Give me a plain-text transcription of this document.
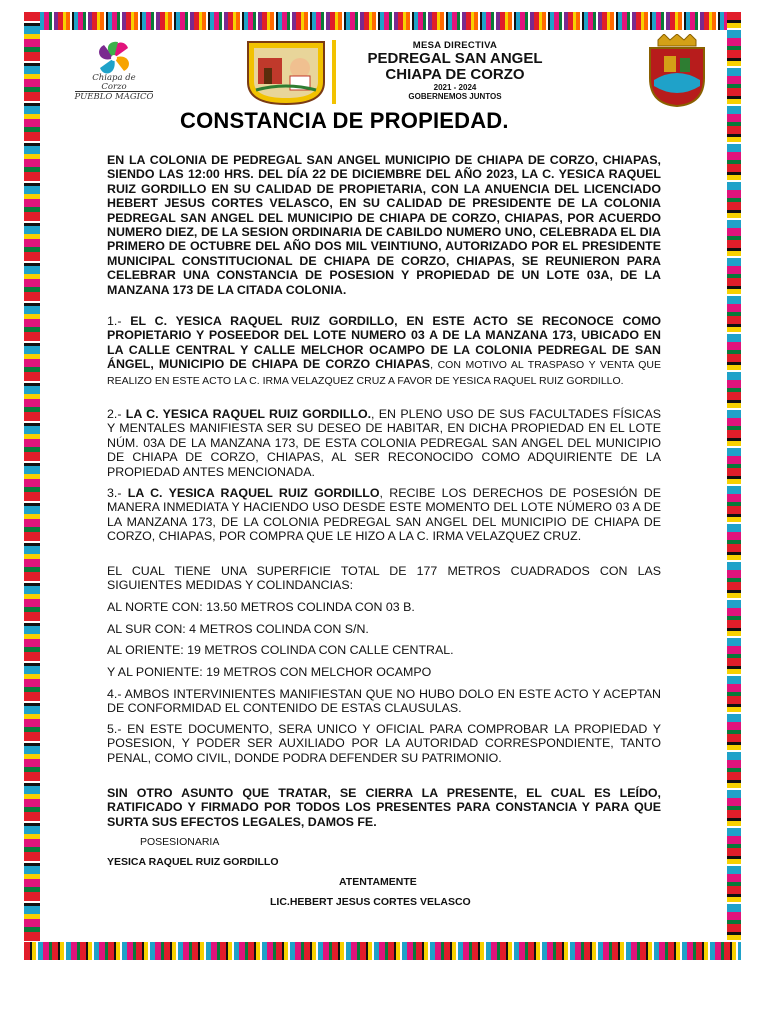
Chiapa de
Corzo
PUEBLO MÁGICO
MESA DIRECTIVA
PEDREGAL SAN ANGEL
CHIAPA DE CORZO
2021 - 2024
GOBERNEMOS JUNTOS
CONSTANCIA DE PROPIEDAD.
EN LA COLONIA DE PEDREGAL SAN ANGEL MUNICIPIO DE CHIAPA DE CORZO, CHIAPAS, SIENDO LAS 12:00 HRS. DEL DÍA 22 DE DICIEMBRE DEL AÑO 2023, LA C. YESICA RAQUEL RUIZ GORDILLO EN SU CALIDAD DE PROPIETARIA, CON LA ANUENCIA DEL LICENCIADO HEBERT JESUS CORTES VELASCO, EN SU CALIDAD DE PRESIDENTE DE LA COLONIA PEDREGAL SAN ANGEL DEL MUNICIPIO DE CHIAPA DE CORZO, CHIAPAS, POR ACUERDO NUMERO DIEZ, DE LA SESION ORDINARIA DE CABILDO NUMERO UNO, CELEBRADA EL DIA PRIMERO DE OCTUBRE DEL AÑO DOS MIL VEINTIUNO, AUTORIZADO POR EL PRESIDENTE MUNICIPAL CONSTITUCIONAL DE CHIAPA DE CORZO, CHIAPAS, SE REUNIERON PARA CELEBRAR UNA CONSTANCIA DE POSESION Y PROPIEDAD DE UN LOTE 03A, DE LA MANZANA 173 DE LA CITADA COLONIA.
1.- EL C. YESICA RAQUEL RUIZ GORDILLO, EN ESTE ACTO SE RECONOCE COMO PROPIETARIO Y POSEEDOR DEL LOTE NUMERO 03 A DE LA MANZANA 173, UBICADO EN LA CALLE CENTRAL Y CALLE MELCHOR OCAMPO DE LA COLONIA PEDREGAL DE SAN ÁNGEL, MUNICIPIO DE CHIAPA DE CORZO CHIAPAS, CON MOTIVO AL TRASPASO Y VENTA QUE REALIZO EN ESTE ACTO LA C. IRMA VELAZQUEZ CRUZ A FAVOR DE YESICA RAQUEL RUIZ GORDILLO.
2.- LA C. YESICA RAQUEL RUIZ GORDILLO., EN PLENO USO DE SUS FACULTADES FÍSICAS Y MENTALES MANIFIESTA SER SU DESEO DE HABITAR, EN DICHA PROPIEDAD EN EL LOTE NÚM. 03A DE LA MANZANA 173, DE ESTA COLONIA PEDREGAL SAN ANGEL DEL MUNICIPIO DE CHIAPA DE CORZO, CHIAPAS, AL SER RECONOCIDO COMO ADQUIRIENTE DE LA PROPIEDAD ANTES MENCIONADA.
3.- LA C. YESICA RAQUEL RUIZ GORDILLO, RECIBE LOS DERECHOS DE POSESIÓN DE MANERA INMEDIATA Y HACIENDO USO DESDE ESTE MOMENTO DEL LOTE NÚMERO 03 A DE LA MANZANA 173, DE LA COLONIA PEDREGAL SAN ANGEL DEL MUNICIPIO DE CHIAPA DE CORZO, CHIAPAS, POR COMPRA QUE LE HIZO A LA C. IRMA VELAZQUEZ CRUZ.
EL CUAL TIENE UNA SUPERFICIE TOTAL DE 177 METROS CUADRADOS CON LAS SIGUIENTES MEDIDAS Y COLINDANCIAS:
AL NORTE CON: 13.50 METROS COLINDA CON 03 B.
AL SUR CON: 4 METROS COLINDA CON S/N.
AL ORIENTE: 19 METROS COLINDA CON CALLE CENTRAL.
Y AL PONIENTE: 19 METROS CON MELCHOR OCAMPO
4.- AMBOS INTERVINIENTES MANIFIESTAN QUE NO HUBO DOLO EN ESTE ACTO Y ACEPTAN DE CONFORMIDAD EL CONTENIDO DE ESTAS CLAUSULAS.
5.- EN ESTE DOCUMENTO, SERA UNICO Y OFICIAL PARA COMPROBAR LA PROPIEDAD Y POSESION, Y PODER SER AUXILIADO POR LA AUTORIDAD CORRESPONDIENTE, TANTO PENAL, COMO CIVIL, DONDE PODRA DEFENDER SU PATRIMONIO.
SIN OTRO ASUNTO QUE TRATAR, SE CIERRA LA PRESENTE, EL CUAL ES LEÍDO, RATIFICADO Y FIRMADO POR TODOS LOS PRESENTES PARA CONSTANCIA Y PARA QUE SURTA SUS EFECTOS LEGALES, DAMOS FE.
POSESIONARIA
YESICA RAQUEL RUIZ GORDILLO
ATENTAMENTE
LIC.HEBERT JESUS CORTES VELASCO
